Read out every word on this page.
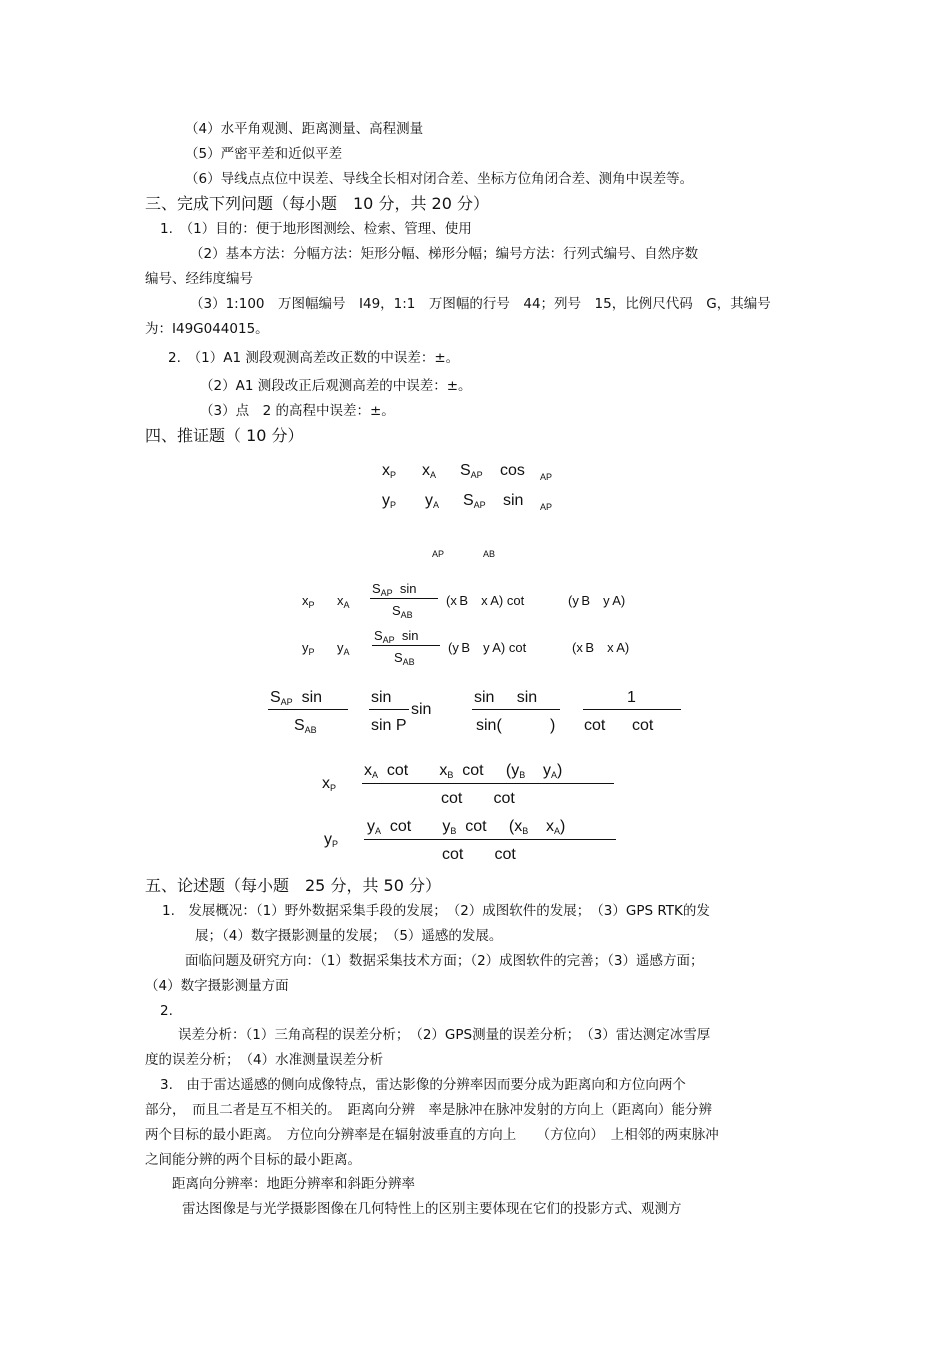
（4）水平角观测、距离测量、高程测量
（5）严密平差和近似平差
（6）导线点点位中误差、导线全长相对闭合差、坐标方位角闭合差、测角中误差等。
三、完成下列问题（每小题　10 分，共 20 分）
1.　（1）目的：便于地形图测绘、检索、管理、使用
（2）基本方法：分幅方法：矩形分幅、梯形分幅；编号方法：行列式编号、自然序数
编号、经纬度编号
（3）1:100　万图幅编号　I49，1:1　万图幅的行号　44；列号　15，比例尺代码　G，其编号
为：I49G044015。
2.　（1）A1 测段观测高差改正数的中误差：±。
（2）A1 测段改正后观测高差的中误差：±。
（3）点　2 的高程中误差：±。
四、推证题（ 10 分）
xP xA SAP cos AP
yP yA SAP sin AP
AP	AB
$x_P$ $x_A$
$S_{AP}$ sin
$S_{AB}$
(x B x A) cot	(y B y A)
$y_P$ $y_A$
$S_{AP}$ sin
$S_{AB}$
(y B y A) cot	(x B x A)
SAP sin
SAB
sin
sin P
sin
sin sin
sin(	)
1
cot cot
xP
xA cot xB cot (yB yA)
cot cot
yP
yA cot yB cot (xB xA)
cot cot
五、论述题（每小题　25 分，共 50 分）
1.　发展概况：（1）野外数据采集手段的发展；　（2）成图软件的发展；　（3）GPS RTK的发
展；（4）数字摄影测量的发展；　（5）遥感的发展。
面临问题及研究方向：（1）数据采集技术方面；（2）成图软件的完善；（3）遥感方面；
（4）数字摄影测量方面
2.
误差分析：（1）三角高程的误差分析；　（2）GPS测量的误差分析；　（3）雷达测定冰雪厚
度的误差分析；　（4）水准测量误差分析
3.　由于雷达遥感的侧向成像特点，雷达影像的分辨率因而要分成为距离向和方位向两个
部分，　而且二者是互不相关的。　距离向分辨　率是脉冲在脉冲发射的方向上（距离向）能分辨
两个目标的最小距离。　方位向分辨率是在辐射波垂直的方向上　　（方位向）　上相邻的两束脉冲
之间能分辨的两个目标的最小距离。
距离向分辨率：地距分辨率和斜距分辨率
雷达图像是与光学摄影图像在几何特性上的区别主要体现在它们的投影方式、观测方
